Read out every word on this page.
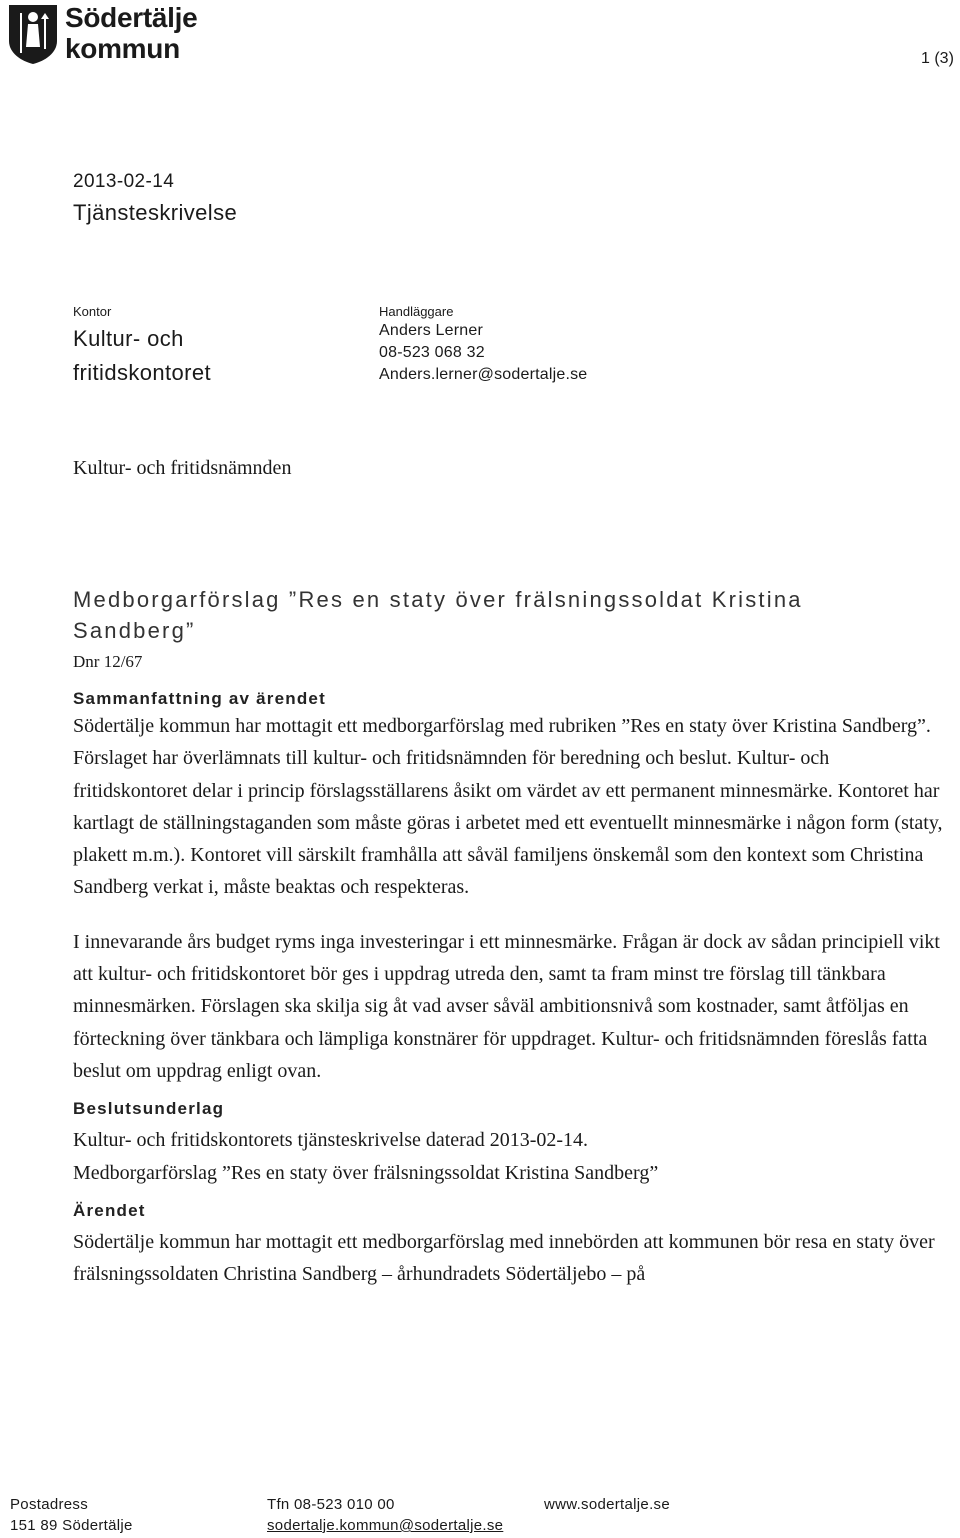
Södertälje
kommun	1 (3)
2013-02-14
Tjänsteskrivelse
Kontor
Kultur- och fritidskontoret
Handläggare
Anders Lerner
08-523 068 32
Anders.lerner@sodertalje.se
Kultur- och fritidsnämnden
Medborgarförslag ”Res en staty över frälsningssoldat Kristina Sandberg”
Dnr 12/67
Sammanfattning av ärendet

Södertälje kommun har mottagit ett medborgarförslag med rubriken ”Res en staty över Kristina Sandberg”. Förslaget har överlämnats till kultur- och fritidsnämnden för beredning och beslut. Kultur- och fritidskontoret delar i princip förslagsställarens åsikt om värdet av ett permanent minnesmärke. Kontoret har kartlagt de ställningstaganden som måste göras i arbetet med ett eventuellt minnesmärke i någon form (staty, plakett m.m.). Kontoret vill särskilt framhålla att såväl familjens önskemål som den kontext som Christina Sandberg verkat i, måste beaktas och respekteras.

I innevarande års budget ryms inga investeringar i ett minnesmärke. Frågan är dock av sådan principiell vikt att kultur- och fritidskontoret bör ges i uppdrag utreda den, samt ta fram minst tre förslag till tänkbara minnesmärken. Förslagen ska skilja sig åt vad avser såväl ambitionsnivå som kostnader, samt åtföljas en förteckning över tänkbara och lämpliga konstnärer för uppdraget. Kultur- och fritidsnämnden föreslås fatta beslut om uppdrag enligt ovan.

Beslutsunderlag

Kultur- och fritidskontorets tjänsteskrivelse daterad 2013-02-14.

Medborgarförslag ”Res en staty över frälsningssoldat Kristina Sandberg”

Ärendet

Södertälje kommun har mottagit ett medborgarförslag med innebörden att kommunen bör resa en staty över frälsningssoldaten Christina Sandberg – århundradets Södertäljebo – på

Postadress
151 89 Södertälje
Tfn 08-523 010 00
sodertalje.kommun@sodertalje.se
www.sodertalje.se
